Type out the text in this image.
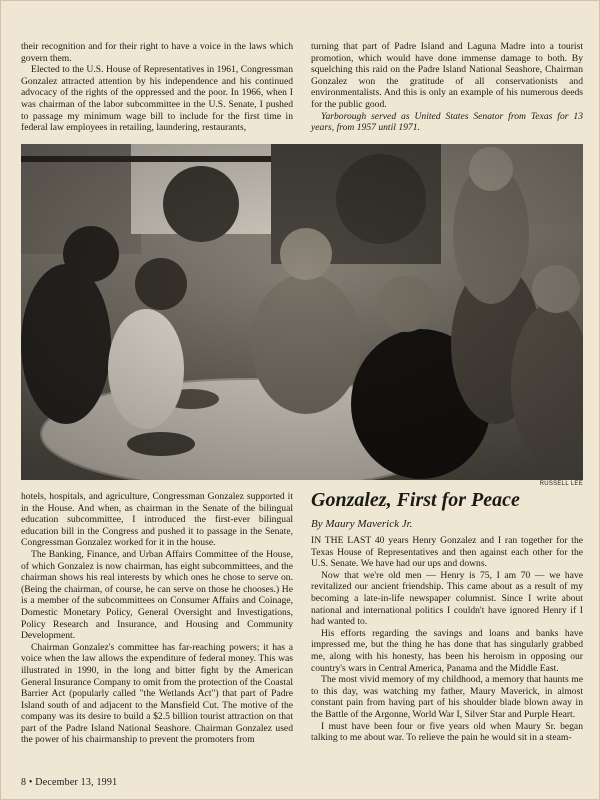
their recognition and for their right to have a voice in the laws which govern them.

Elected to the U.S. House of Representatives in 1961, Congressman Gonzalez attracted attention by his independence and his continued advocacy of the rights of the oppressed and the poor. In 1966, when I was chairman of the labor subcommittee in the U.S. Senate, I pushed to passage my minimum wage bill to include for the first time in federal law employees in retailing, laundering, restaurants,

turning that part of Padre Island and Laguna Madre into a tourist promotion, which would have done immense damage to both. By squelching this raid on the Padre Island National Seashore, Chairman Gonzalez won the gratitude of all conservationists and environmentalists. And this is only an example of his numerous deeds for the public good.

Yarborough served as United States Senator from Texas for 13 years, from 1957 until 1971.

RUSSELL LEE

hotels, hospitals, and agriculture, Congressman Gonzalez supported it in the House. And when, as chairman in the Senate of the bilingual education subcommittee, I introduced the first-ever bilingual education bill in the Congress and pushed it to passage in the Senate, Congressman Gonzalez worked for it in the house.

The Banking, Finance, and Urban Affairs Committee of the House, of which Gonzalez is now chairman, has eight subcommittees, and the chairman shows his real interests by which ones he chose to serve on. (Being the chairman, of course, he can serve on those he chooses.) He is a member of the subcommittees on Consumer Affairs and Coinage, Domestic Monetary Policy, General Oversight and Investigations, Policy Research and Insurance, and Housing and Community Development.

Chairman Gonzalez's committee has far-reaching powers; it has a voice when the law allows the expenditure of federal money. This was illustrated in 1990, in the long and bitter fight by the American General Insurance Company to omit from the protection of the Coastal Barrier Act (popularly called "the Wetlands Act") that part of Padre Island south of and adjacent to the Mansfield Cut. The motive of the company was its desire to build a $2.5 billion tourist attraction on that part of the Padre Island National Seashore. Chairman Gonzalez used the power of his chairmanship to prevent the promoters from

Gonzalez, First for Peace
By Maury Maverick Jr.

IN THE LAST 40 years Henry Gonzalez and I ran together for the Texas House of Representatives and then against each other for the U.S. Senate. We have had our ups and downs.

Now that we're old men — Henry is 75, I am 70 — we have revitalized our ancient friendship. This came about as a result of my becoming a late-in-life newspaper columnist. Since I write about national and international politics I couldn't have ignored Henry if I had wanted to.

His efforts regarding the savings and loans and banks have impressed me, but the thing he has done that has singularly grabbed me, along with his honesty, has been his heroism in opposing our country's wars in Central America, Panama and the Middle East.

The most vivid memory of my childhood, a memory that haunts me to this day, was watching my father, Maury Maverick, in almost constant pain from having part of his shoulder blade blown away in the Battle of the Argonne, World War I, Silver Star and Purple Heart.

I must have been four or five years old when Maury Sr. began talking to me about war. To relieve the pain he would sit in a steam-

8 • December 13, 1991
